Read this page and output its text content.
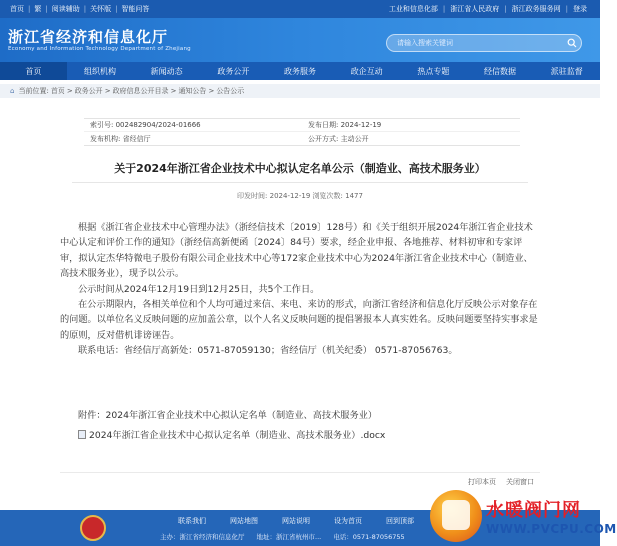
首页 | 繁 | 阅读辅助 | 关怀版 | 智能问答	工业和信息化部 | 浙江省人民政府 | 浙江政务服务网 | 登录
浙江省经济和信息化厅
Economy and Information Technology Department of Zhejiang
请输入搜索关键词
首页	组织机构	新闻动态	政务公开	政务服务	政企互动	热点专题	经信数据	派驻监督
⌂ 当前位置: 首页 > 政务公开 > 政府信息公开目录 > 通知公告 > 公告公示
索引号: 002482904/2024-01666	发布日期: 2024-12-19
发布机构: 省经信厅	公开方式: 主动公开
关于2024年浙江省企业技术中心拟认定名单公示（制造业、高技术服务业）
印发时间: 2024-12-19 浏览次数: 1477

根据《浙江省企业技术中心管理办法》（浙经信技术〔2019〕128号）和《关于组织开展2024年浙江省企业技术中心认定和评价工作的通知》（浙经信高新便函〔2024〕84号）要求，经企业申报、各地推荐、材料初审和专家评审，拟认定杰华特微电子股份有限公司企业技术中心等172家企业技术中心为2024年浙江省企业技术中心（制造业、高技术服务业），现予以公示。

公示时间从2024年12月19日到12月25日，共5个工作日。

在公示期限内，各相关单位和个人均可通过来信、来电、来访的形式，向浙江省经济和信息化厅反映公示对象存在的问题。以单位名义反映问题的应加盖公章，以个人名义反映问题的提倡署报本人真实姓名。反映问题要坚持实事求是的原则，反对借机诽谤诬告。

联系电话：省经信厅高新处：0571-87059130；省经信厅（机关纪委） 0571-87056763。

附件：2024年浙江省企业技术中心拟认定名单（制造业、高技术服务业）
2024年浙江省企业技术中心拟认定名单（制造业、高技术服务业）.docx
打印本页 关闭窗口
联系我们	网站地图	网站说明	设为首页	回到顶部
主办：浙江省经济和信息化厅 地址：浙江省杭州市... 电话：0571-87056755
水暖阀门网
WWW.PVCPU.COM
